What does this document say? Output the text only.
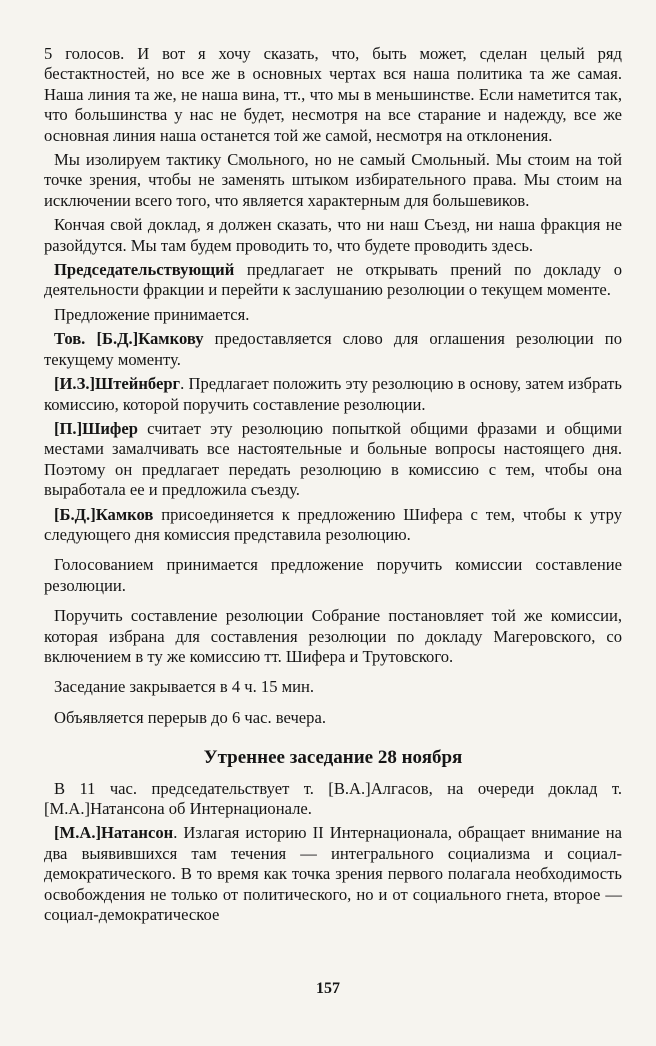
5 голосов. И вот я хочу сказать, что, быть может, сделан целый ряд бестактностей, но все же в основных чертах вся наша политика та же самая. Наша линия та же, не наша вина, тт., что мы в меньшинстве. Если наметится так, что большинства у нас не будет, несмотря на все старание и надежду, все же основная линия наша останется той же самой, несмотря на отклонения.

Мы изолируем тактику Смольного, но не самый Смольный. Мы стоим на той точке зрения, чтобы не заменять штыком избирательного права. Мы стоим на исключении всего того, что является характерным для большевиков.

Кончая свой доклад, я должен сказать, что ни наш Съезд, ни наша фракция не разойдутся. Мы там будем проводить то, что будете проводить здесь.

Председательствующий предлагает не открывать прений по докладу о деятельности фракции и перейти к заслушанию резолюции о текущем моменте.

Предложение принимается.

Тов. [Б.Д.]Камкову предоставляется слово для оглашения резолюции по текущему моменту.

[И.З.]Штейнберг. Предлагает положить эту резолюцию в основу, затем избрать комиссию, которой поручить составление резолюции.

[П.]Шифер считает эту резолюцию попыткой общими фразами и общими местами замалчивать все настоятельные и больные вопросы настоящего дня. Поэтому он предлагает передать резолюцию в комиссию с тем, чтобы она выработала ее и предложила съезду.

[Б.Д.]Камков присоединяется к предложению Шифера с тем, чтобы к утру следующего дня комиссия представила резолюцию.

Голосованием принимается предложение поручить комиссии составление резолюции.

Поручить составление резолюции Собрание постановляет той же комиссии, которая избрана для составления резолюции по докладу Магеровского, со включением в ту же комиссию тт. Шифера и Трутовского.

Заседание закрывается в 4 ч. 15 мин.

Объявляется перерыв до 6 час. вечера.

Утреннее заседание 28 ноября

В 11 час. председательствует т. [В.А.]Алгасов, на очереди доклад т. [М.А.]Натансона об Интернационале.

[М.А.]Натансон. Излагая историю II Интернационала, обращает внимание на два выявившихся там течения — интегрального социализма и социал-демократического. В то время как точка зрения первого полагала необходимость освобождения не только от политического, но и от социального гнета, второе — социал-демократическое

157
